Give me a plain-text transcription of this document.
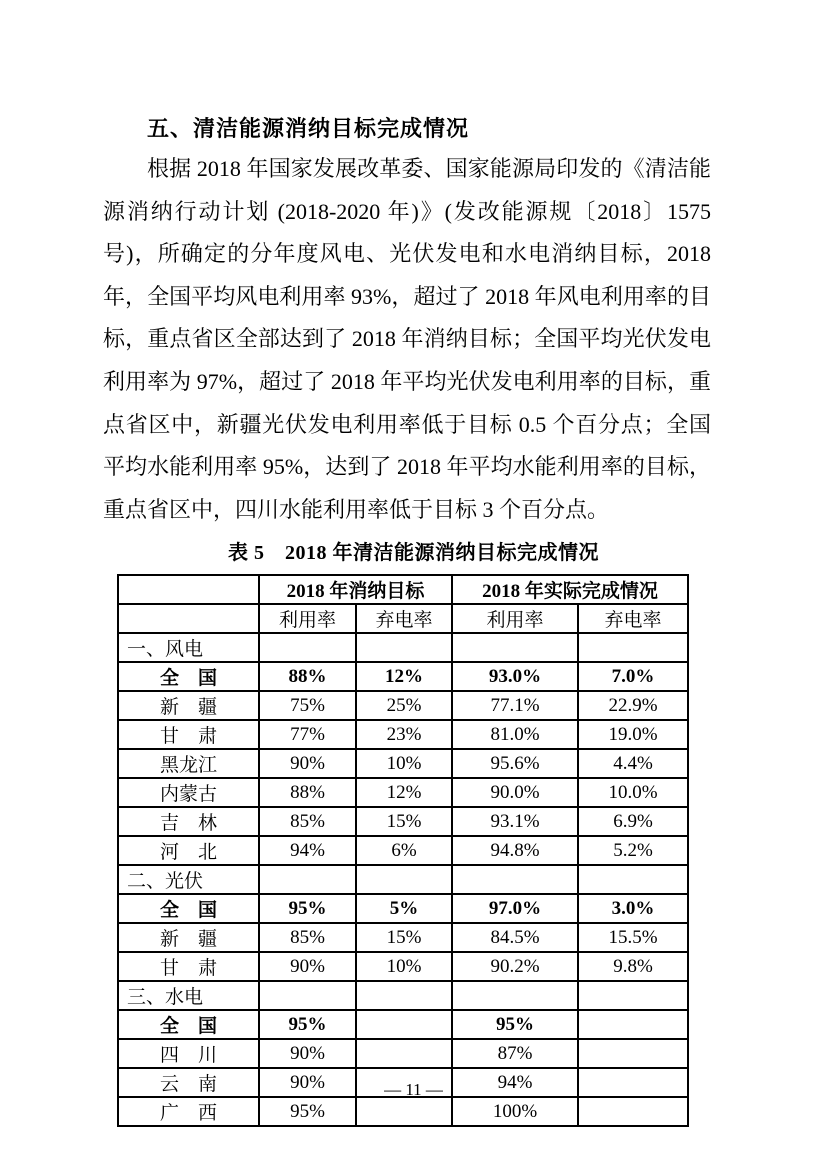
五、清洁能源消纳目标完成情况
根据 2018 年国家发展改革委、国家能源局印发的《清洁能源消纳行动计划 (2018-2020 年)》(发改能源规〔2018〕1575 号)，所确定的分年度风电、光伏发电和水电消纳目标，2018 年，全国平均风电利用率 93%，超过了 2018 年风电利用率的目标，重点省区全部达到了 2018 年消纳目标；全国平均光伏发电利用率为 97%，超过了 2018 年平均光伏发电利用率的目标，重点省区中，新疆光伏发电利用率低于目标 0.5 个百分点；全国平均水能利用率 95%，达到了 2018 年平均水能利用率的目标，重点省区中，四川水能利用率低于目标 3 个百分点。
表 5　2018 年清洁能源消纳目标完成情况
	2018 年消纳目标		2018 年实际完成情况	
	利用率	弃电率	利用率	弃电率
一、风电				
全　国	88%	12%	93.0%	7.0%
新　疆	75%	25%	77.1%	22.9%
甘　肃	77%	23%	81.0%	19.0%
黑龙江	90%	10%	95.6%	4.4%
内蒙古	88%	12%	90.0%	10.0%
吉　林	85%	15%	93.1%	6.9%
河　北	94%	6%	94.8%	5.2%
二、光伏				
全　国	95%	5%	97.0%	3.0%
新　疆	85%	15%	84.5%	15.5%
甘　肃	90%	10%	90.2%	9.8%
三、水电				
全　国	95%		95%	
四　川	90%		87%	
云　南	90%		94%	
广　西	95%		100%	
— 11 —
